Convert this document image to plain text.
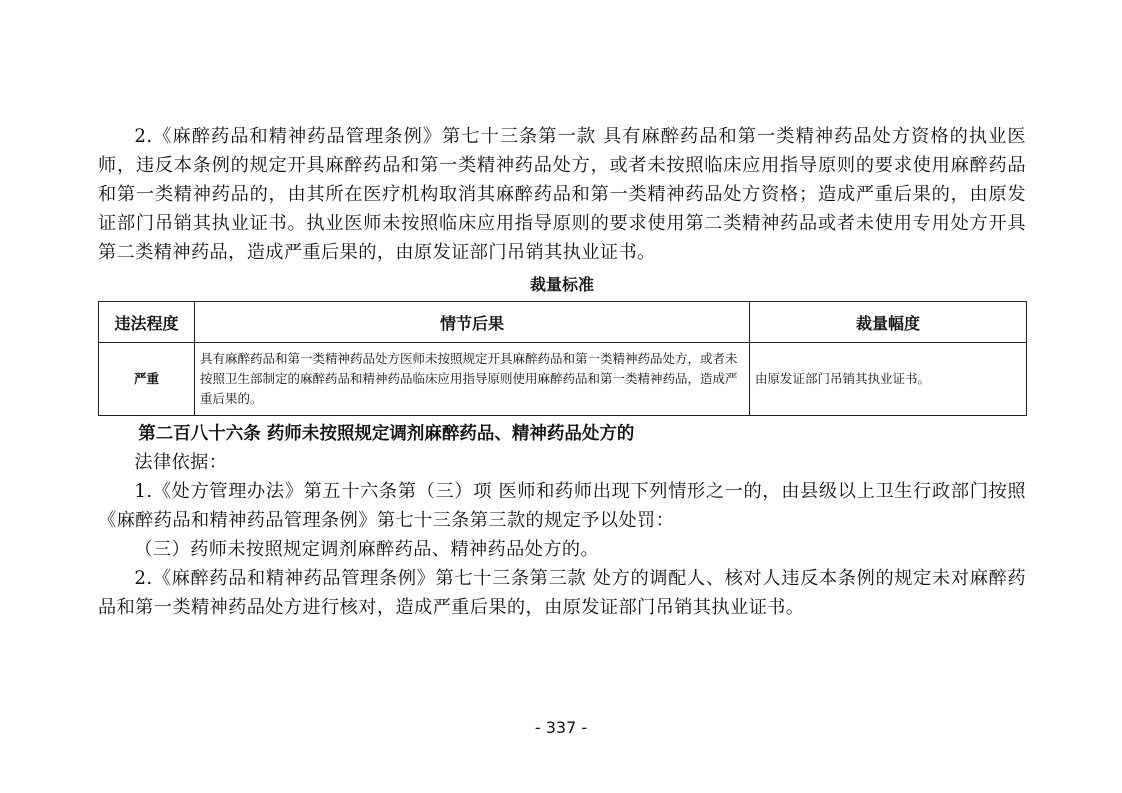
2.《麻醉药品和精神药品管理条例》第七十三条第一款 具有麻醉药品和第一类精神药品处方资格的执业医师，违反本条例的规定开具麻醉药品和第一类精神药品处方，或者未按照临床应用指导原则的要求使用麻醉药品和第一类精神药品的，由其所在医疗机构取消其麻醉药品和第一类精神药品处方资格；造成严重后果的，由原发证部门吊销其执业证书。执业医师未按照临床应用指导原则的要求使用第二类精神药品或者未使用专用处方开具第二类精神药品，造成严重后果的，由原发证部门吊销其执业证书。

裁量标准
违法程度	情节后果	裁量幅度
严重	具有麻醉药品和第一类精神药品处方医师未按照规定开具麻醉药品和第一类精神药品处方，或者未按照卫生部制定的麻醉药品和精神药品临床应用指导原则使用麻醉药品和第一类精神药品，造成严重后果的。	由原发证部门吊销其执业证书。
第二百八十六条 药师未按照规定调剂麻醉药品、精神药品处方的

法律依据：

1.《处方管理办法》第五十六条第（三）项 医师和药师出现下列情形之一的，由县级以上卫生行政部门按照《麻醉药品和精神药品管理条例》第七十三条第三款的规定予以处罚：

（三）药师未按照规定调剂麻醉药品、精神药品处方的。

2.《麻醉药品和精神药品管理条例》第七十三条第三款 处方的调配人、核对人违反本条例的规定未对麻醉药品和第一类精神药品处方进行核对，造成严重后果的，由原发证部门吊销其执业证书。

- 337 -
